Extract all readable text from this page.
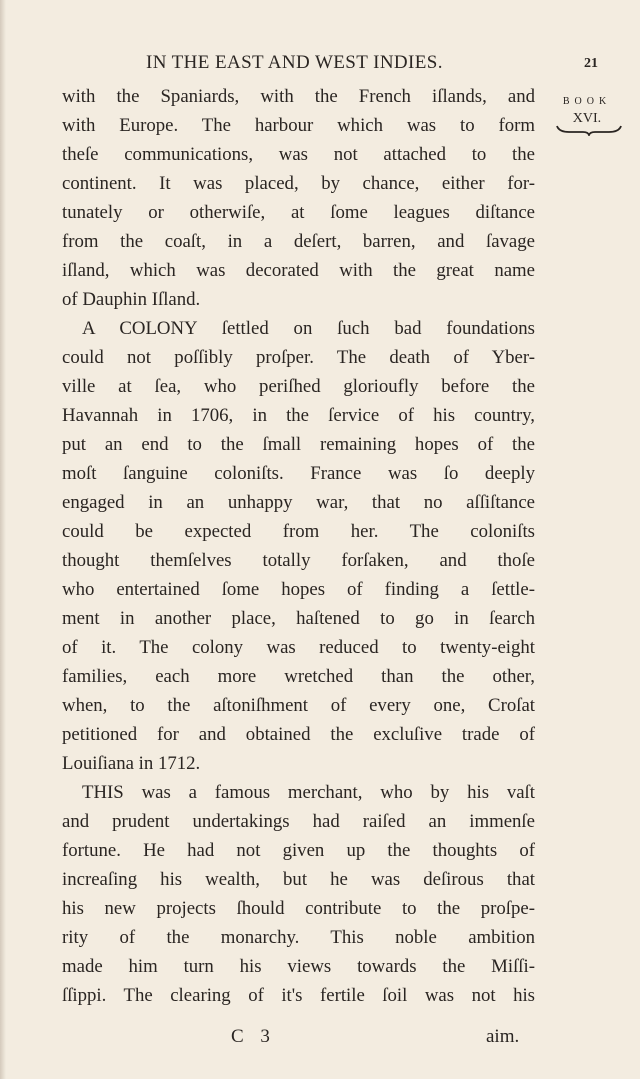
IN THE EAST AND WEST INDIES.	21
BOOK
XVI.
with the Spaniards, with the French iſlands, and
with Europe. The harbour which was to form
theſe communications, was not attached to the
continent. It was placed, by chance, either for-
tunately or otherwiſe, at ſome leagues diſtance
from the coaſt, in a deſert, barren, and ſavage
iſland, which was decorated with the great name
of Dauphin Iſland.
A COLONY ſettled on ſuch bad foundations
could not poſſibly proſper. The death of Yber-
ville at ſea, who periſhed glorioufly before the
Havannah in 1706, in the ſervice of his country,
put an end to the ſmall remaining hopes of the
moſt ſanguine coloniſts. France was ſo deeply
engaged in an unhappy war, that no aſſiſtance
could be expected from her. The coloniſts
thought themſelves totally forſaken, and thoſe
who entertained ſome hopes of finding a ſettle-
ment in another place, haſtened to go in ſearch
of it. The colony was reduced to twenty-eight
families, each more wretched than the other,
when, to the aſtoniſhment of every one, Croſat
petitioned for and obtained the excluſive trade of
Louiſiana in 1712.
THIS was a famous merchant, who by his vaſt
and prudent undertakings had raiſed an immenſe
fortune. He had not given up the thoughts of
increaſing his wealth, but he was deſirous that
his new projects ſhould contribute to the proſpe-
rity of the monarchy. This noble ambition
made him turn his views towards the Miſſi-
ſſippi. The clearing of it's fertile ſoil was not his
C 3	aim.
